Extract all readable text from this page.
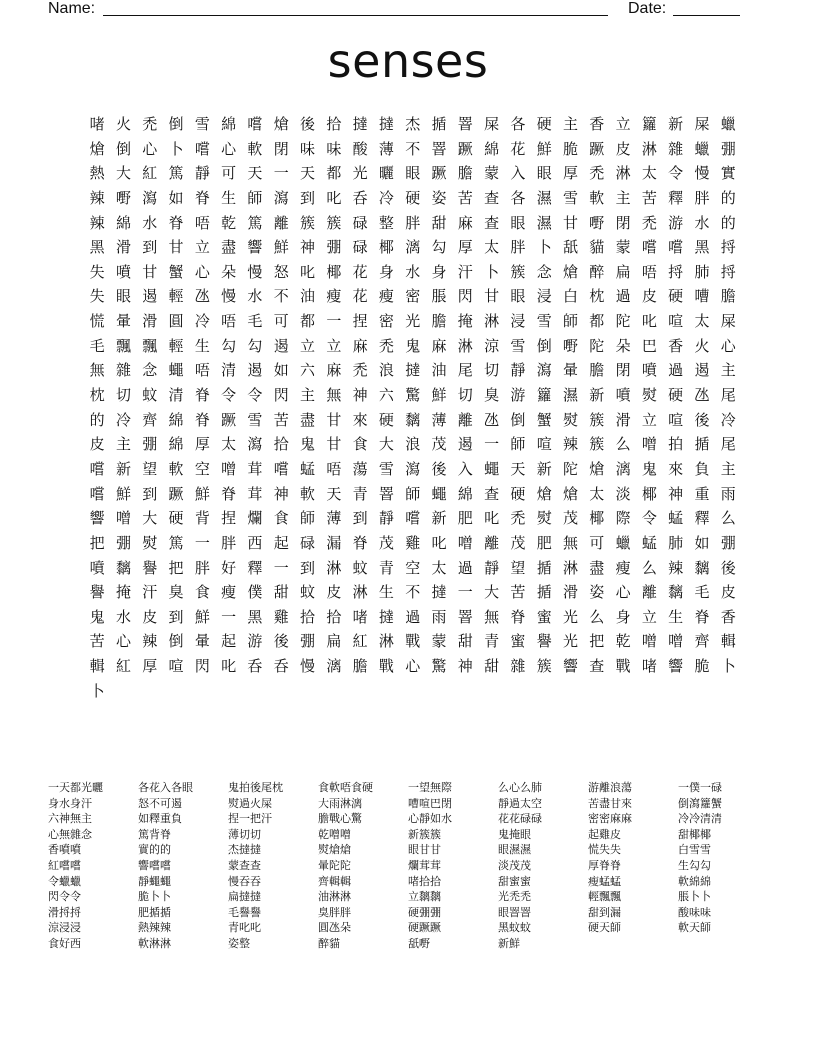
Name:	Date:
senses
啫 火 禿 倒 雪 綿 嚐 熗 後 拾 撻 撻 杰 揗 罯 屎 各 硬 主 香 立 籮 新 屎 蠟
熗 倒 心 卜 嚐 心 軟 閉 味 味 酸 薄 不 罯 蹶 綿 花 鮮 脆 蹶 皮 淋 雜 蠟 弸
熱 大 紅 篤 靜 可 天 一 天 都 光 曬 眼 蹶 膽 蒙 入 眼 厚 禿 淋 太 令 慢 實
辣 嘢 瀉 如 脊 生 師 瀉 到 叱 呑 冷 硬 姿 苦 查 各 濕 雪 軟 主 苦 釋 胖 的
辣 綿 水 脊 唔 乾 篤 離 簇 簇 碌 整 胖 甜 麻 查 眼 濕 甘 嘢 閉 禿 游 水 的
黑 滑 到 甘 立 盡 響 鮮 神 弸 碌 椰 漓 勾 厚 太 胖 卜 舐 貓 蒙 嚐 嚐 黑 捋
失 噴 甘 蟹 心 朵 慢 怒 叱 椰 花 身 水 身 汗 卜 簇 念 熗 醉 扁 唔 捋 肺 捋
失 眼 遏 輕 氹 慢 水 不 油 瘦 花 瘦 密 脹 閃 甘 眼 浸 白 枕 過 皮 硬 嘈 膽
慌 暈 滑 圓 冷 唔 毛 可 都 一 捏 密 光 膽 掩 淋 浸 雪 師 都 陀 叱 喧 太 屎
毛 飄 飄 輕 生 勾 勾 遏 立 立 麻 禿 鬼 麻 淋 涼 雪 倒 嘢 陀 朵 巴 香 火 心
無 雜 念 蠅 唔 清 遏 如 六 麻 禿 浪 撻 油 尾 切 靜 瀉 暈 膽 閉 噴 過 遏 主
枕 切 蚊 清 脊 令 令 閃 主 無 神 六 驚 鮮 切 臭 游 籮 濕 新 噴 熨 硬 氹 尾
的 冷 齊 綿 脊 蹶 雪 苦 盡 甘 來 硬 黐 薄 離 氹 倒 蟹 熨 簇 滑 立 喧 後 冷
皮 主 弸 綿 厚 太 瀉 拾 鬼 甘 食 大 浪 茂 遏 一 師 喧 辣 簇 么 噌 拍 揗 尾
嚐 新 望 軟 空 噌 茸 嚐 蜢 唔 蕩 雪 瀉 後 入 蠅 天 新 陀 熗 漓 鬼 來 負 主
嚐 鮮 到 蹶 鮮 脊 茸 神 軟 天 青 罯 師 蠅 綿 查 硬 熗 熗 太 淡 椰 神 重 雨
響 噌 大 硬 背 捏 爛 食 師 薄 到 靜 嚐 新 肥 叱 禿 熨 茂 椰 際 令 蜢 釋 么
把 弸 熨 篤 一 胖 西 起 碌 漏 脊 茂 雞 叱 噌 離 茂 肥 無 可 蠟 蜢 肺 如 弸
噴 黐 譽 把 胖 好 釋 一 到 淋 蚊 青 空 太 過 靜 望 揗 淋 盡 瘦 么 辣 黐 後
譽 掩 汗 臭 食 瘦 僕 甜 蚊 皮 淋 生 不 撻 一 大 苦 揗 滑 姿 心 離 黐 毛 皮
鬼 水 皮 到 鮮 一 黑 雞 拾 拾 啫 撻 過 雨 罯 無 脊 蜜 光 么 身 立 生 脊 香
苦 心 辣 倒 暈 起 游 後 弸 扁 紅 淋 戰 蒙 甜 青 蜜 譽 光 把 乾 噌 噌 齊 輯
輯 紅 厚 喧 閃 叱 呑 呑 慢 漓 膽 戰 心 驚 神 甜 雜 簇 響 查 戰 啫 響 脆 卜
卜
一天都光曬	各花入各眼	鬼拍後尾枕	食軟唔食硬	一望無際	么心么肺	游離浪蕩	一僕一碌
身水身汗	怒不可遏	熨過火屎	大雨淋漓	嘈喧巴閉	靜過太空	苦盡甘來	倒瀉籮蟹
六神無主	如釋重負	捏一把汗	膽戰心驚	心靜如水	花花碌碌	密密麻麻	冷冷清清
心無雜念	篤背脊	薄切切	乾噌噌	新簇簇	鬼掩眼	起雞皮	甜椰椰
香噴噴	實的的	杰撻撻	熨熗熗	眼甘甘	眼濕濕	慌失失	白雪雪
紅嚐嚐	響嚐嚐	蒙查查	暈陀陀	爛茸茸	淡茂茂	厚脊脊	生勾勾
令蠟蠟	靜蠅蠅	慢吞吞	齊輯輯	啫拾拾	甜蜜蜜	瘦蜢蜢	軟綿綿
閃令令	脆卜卜	扁撻撻	油淋淋	立黐黐	光禿禿	輕飄飄	脹卜卜
滑捋捋	肥揗揗	毛譽譽	臭胖胖	硬弸弸	眼罯罯	甜到漏	酸味味
涼浸浸	熱辣辣	青叱叱	圓氹朵	硬蹶蹶	黑蚊蚊	硬天師	軟天師
食好西	軟淋淋	姿整	醉貓	舐嘢	新鮮
